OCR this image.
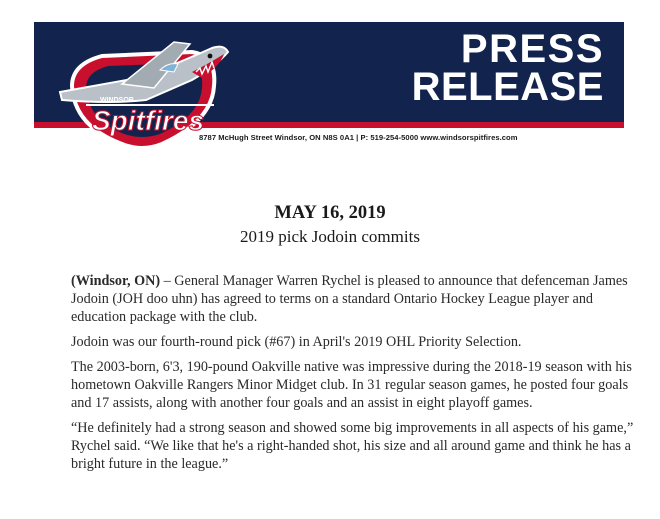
8787 McHugh Street Windsor, ON N8S 0A1 | P: 519-254-5000 www.windsorspitfires.com
PRESS
RELEASE
WINDSOR
Spitfires
MAY 16, 2019
2019 pick Jodoin commits

(Windsor, ON) – General Manager Warren Rychel is pleased to announce that defenceman James Jodoin (JOH doo uhn) has agreed to terms on a standard Ontario Hockey League player and education package with the club.

Jodoin was our fourth-round pick (#67) in April's 2019 OHL Priority Selection.

The 2003-born, 6'3, 190-pound Oakville native was impressive during the 2018-19 season with his hometown Oakville Rangers Minor Midget club. In 31 regular season games, he posted four goals and 17 assists, along with another four goals and an assist in eight playoff games.

“He definitely had a strong season and showed some big improvements in all aspects of his game,” Rychel said. “We like that he's a right-handed shot, his size and all around game and think he has a bright future in the league.”
